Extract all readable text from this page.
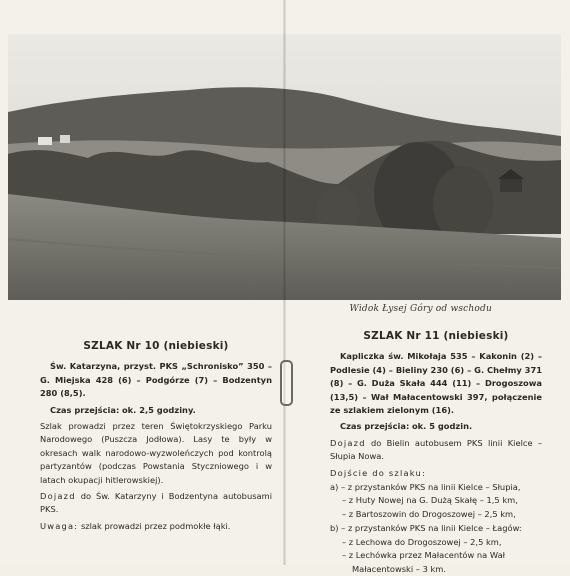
Widok Łysej Góry od wschodu
SZLAK Nr 10 (niebieski)
Św. Katarzyna, przyst. PKS „Schronisko” 350 – G. Miejska 428 (6) – Podgórze (7) – Bodzentyn 280 (8,5).
Czas przejścia: ok. 2,5 godziny.
Szlak prowadzi przez teren Świętokrzyskiego Parku Narodowego (Puszcza Jodłowa). Lasy te były w okresach walk narodowo-wyzwoleńczych pod kontrolą partyzantów (podczas Powstania Styczniowego i w latach okupacji hitlerowskiej).
Dojazd do Św. Katarzyny i Bodzentyna autobusami PKS.
Uwaga: szlak prowadzi przez podmokłe łąki.
SZLAK Nr 11 (niebieski)
Kapliczka św. Mikołaja 535 – Kakonin (2) – Podlesie (4) – Bieliny 230 (6) – G. Chełmy 371 (8) – G. Duża Skała 444 (11) – Drogoszowa (13,5) – Wał Małacentowski 397, połączenie ze szlakiem zielonym (16).
Czas przejścia: ok. 5 godzin.
Dojazd do Bielin autobusem PKS linii Kielce – Słupia Nowa.
Dojście do szlaku:
a) – z przystanków PKS na linii Kielce – Słupia,
– z Huty Nowej na G. Dużą Skałę – 1,5 km,
– z Bartoszowin do Drogoszowej – 2,5 km,
b) – z przystanków PKS na linii Kielce – Łagów:
– z Lechowa do Drogoszowej – 2,5 km,
– z Lechówka przez Małacentów na Wał Małacentowski – 3 km.
